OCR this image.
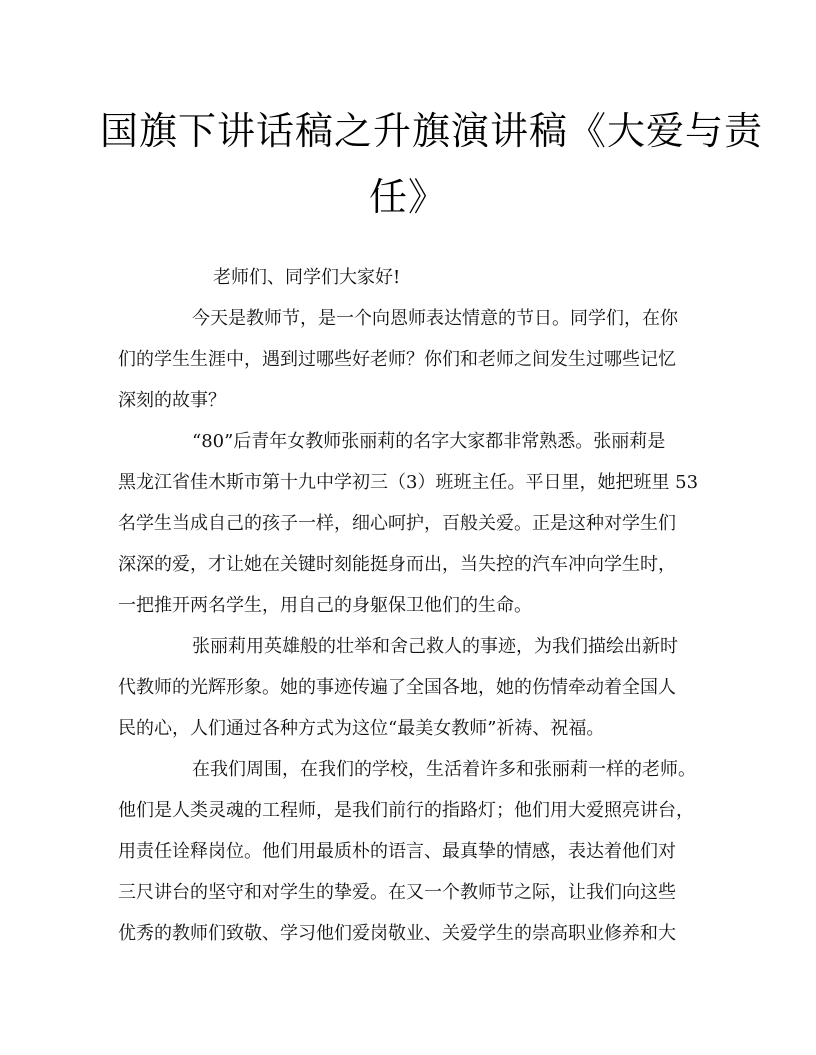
国旗下讲话稿之升旗演讲稿《大爱与责
任》
老师们、同学们大家好!
今天是教师节，是一个向恩师表达情意的节日。同学们，在你
们的学生生涯中，遇到过哪些好老师？你们和老师之间发生过哪些记忆
深刻的故事？
“80”后青年女教师张丽莉的名字大家都非常熟悉。张丽莉是
黑龙江省佳木斯市第十九中学初三（3）班班主任。平日里，她把班里 53
名学生当成自己的孩子一样，细心呵护，百般关爱。正是这种对学生们
深深的爱，才让她在关键时刻能挺身而出，当失控的汽车冲向学生时，
一把推开两名学生，用自己的身躯保卫他们的生命。
张丽莉用英雄般的壮举和舍己救人的事迹，为我们描绘出新时
代教师的光辉形象。她的事迹传遍了全国各地，她的伤情牵动着全国人
民的心，人们通过各种方式为这位“最美女教师”祈祷、祝福。
在我们周围，在我们的学校，生活着许多和张丽莉一样的老师。
他们是人类灵魂的工程师，是我们前行的指路灯；他们用大爱照亮讲台，
用责任诠释岗位。他们用最质朴的语言、最真挚的情感，表达着他们对
三尺讲台的坚守和对学生的挚爱。在又一个教师节之际，让我们向这些
优秀的教师们致敬、学习他们爱岗敬业、关爱学生的崇高职业修养和大
